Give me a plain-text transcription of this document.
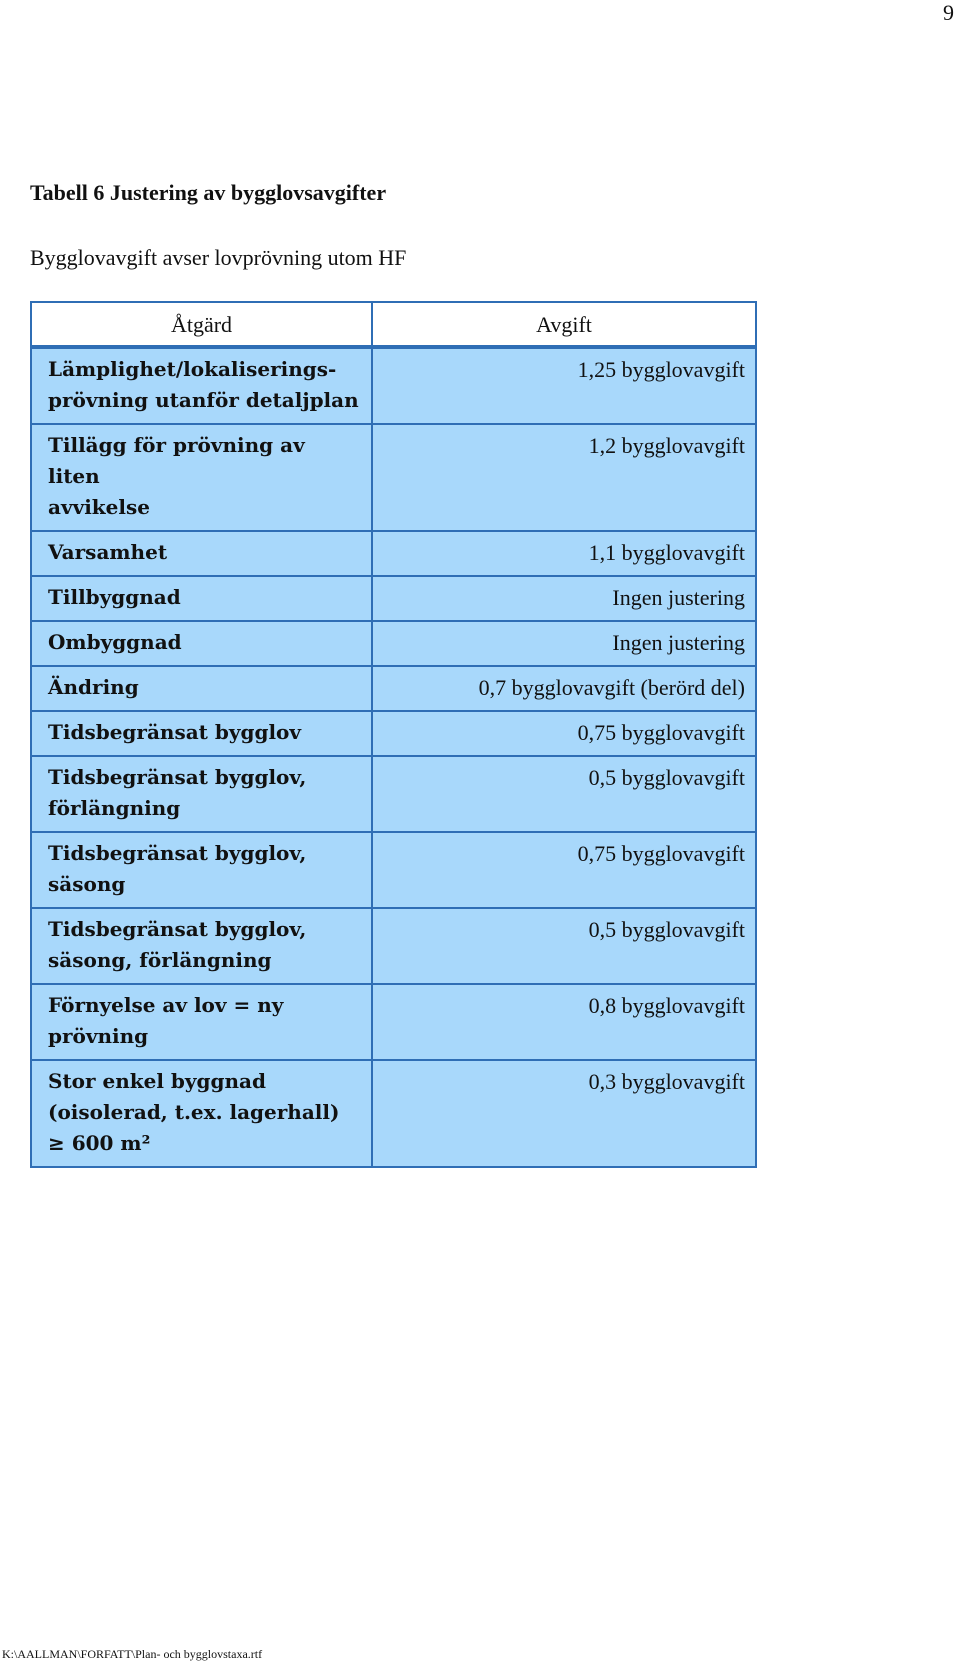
9
Tabell 6 Justering av bygglovsavgifter
Bygglovavgift avser lovprövning utom HF
Åtgärd	Avgift
Lämplighet/lokaliserings-
prövning utanför detaljplan	1,25 bygglovavgift
Tillägg för prövning av liten
avvikelse	1,2 bygglovavgift
Varsamhet	1,1 bygglovavgift
Tillbyggnad	Ingen justering
Ombyggnad	Ingen justering
Ändring	0,7 bygglovavgift (berörd del)
Tidsbegränsat bygglov	0,75 bygglovavgift
Tidsbegränsat bygglov,
förlängning	0,5 bygglovavgift
Tidsbegränsat bygglov,
säsong	0,75 bygglovavgift
Tidsbegränsat bygglov,
säsong, förlängning	0,5 bygglovavgift
Förnyelse av lov = ny
prövning	0,8 bygglovavgift
Stor enkel byggnad
(oisolerad, t.ex. lagerhall)
≥ 600 m²	0,3 bygglovavgift
K:\AALLMAN\FORFATT\Plan- och bygglovstaxa.rtf
